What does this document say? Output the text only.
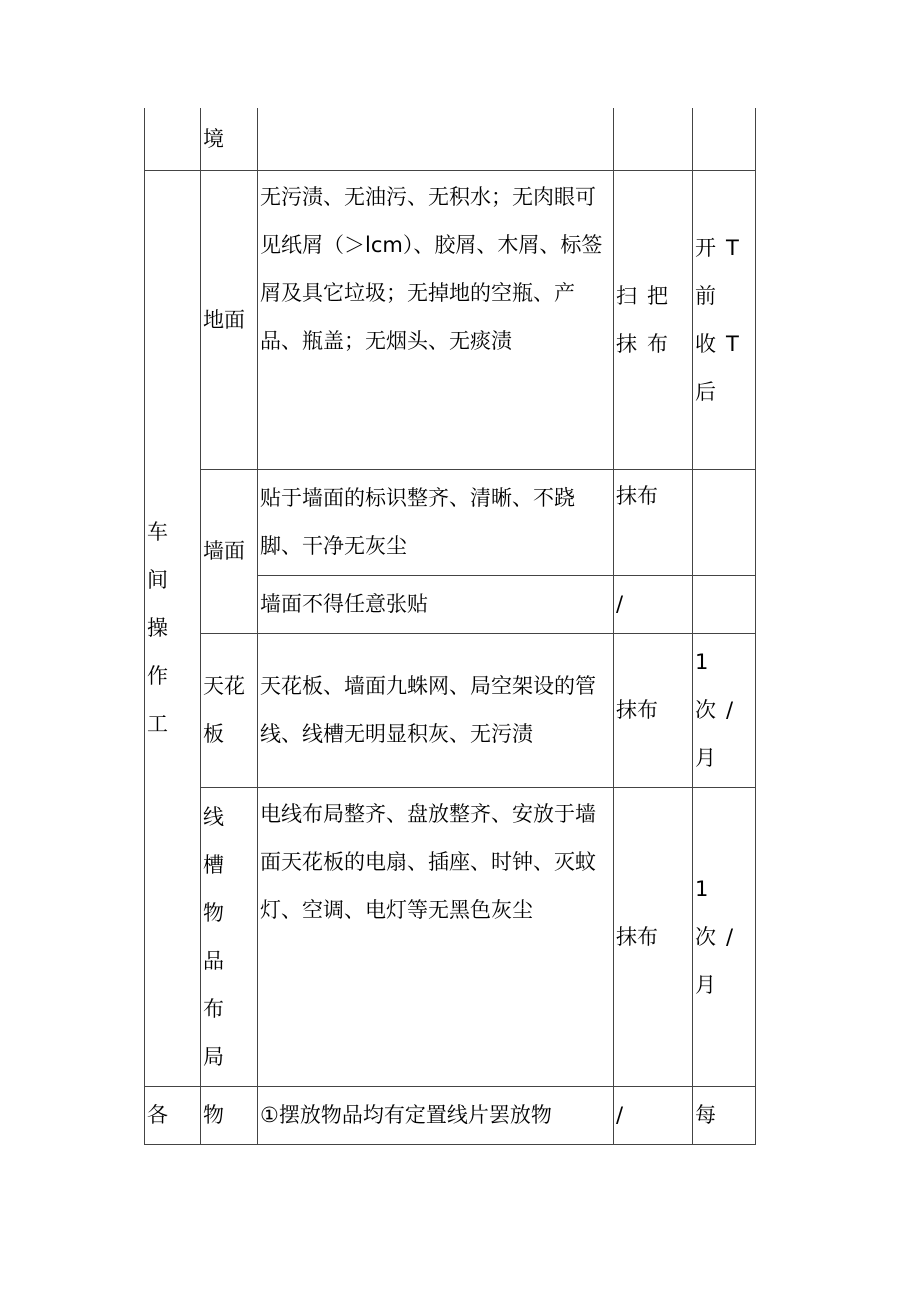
	境			

车间操作工	地面	无污渍、无油污、无积水；无肉眼可见纸屑（＞lcm）、胶屑、木屑、标签屑及具它垃圾；无掉地的空瓶、产品、瓶盖；无烟头、无痰渍	扫把抹布	开T前收T后

	墙面	贴于墙面的标识整齐、清晰、不跷脚、干净无灰尘	抹布	

		墙面不得任意张贴	/	

	天花板	天花板、墙面九蛛网、局空架设的管线、线槽无明显积灰、无污渍	抹布	1次/月

	线槽物品布局	电线布局整齐、盘放整齐、安放于墙面天花板的电扇、插座、时钟、灭蚊灯、空调、电灯等无黑色灰尘	抹布	1次/月

各	物	①摆放物品均有定置线片罢放物	/	每
